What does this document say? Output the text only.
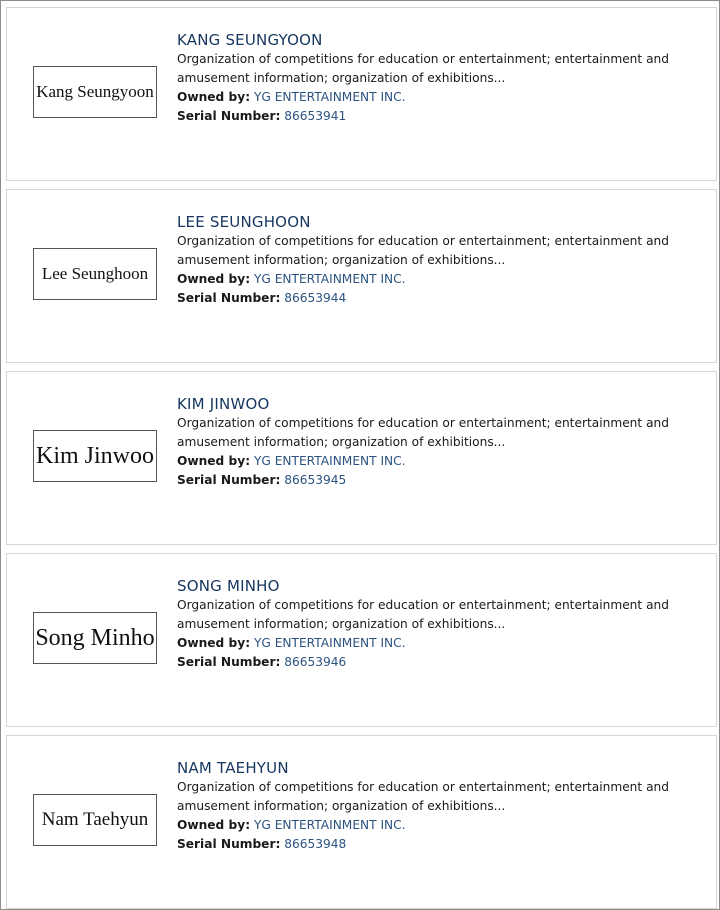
Kang Seungyoon
KANG SEUNGYOON
Organization of competitions for education or entertainment; entertainment and
amusement information; organization of exhibitions...
Owned by: YG ENTERTAINMENT INC.
Serial Number: 86653941
Lee Seunghoon
LEE SEUNGHOON
Organization of competitions for education or entertainment; entertainment and
amusement information; organization of exhibitions...
Owned by: YG ENTERTAINMENT INC.
Serial Number: 86653944
Kim Jinwoo
KIM JINWOO
Organization of competitions for education or entertainment; entertainment and
amusement information; organization of exhibitions...
Owned by: YG ENTERTAINMENT INC.
Serial Number: 86653945
Song Minho
SONG MINHO
Organization of competitions for education or entertainment; entertainment and
amusement information; organization of exhibitions...
Owned by: YG ENTERTAINMENT INC.
Serial Number: 86653946
Nam Taehyun
NAM TAEHYUN
Organization of competitions for education or entertainment; entertainment and
amusement information; organization of exhibitions...
Owned by: YG ENTERTAINMENT INC.
Serial Number: 86653948
